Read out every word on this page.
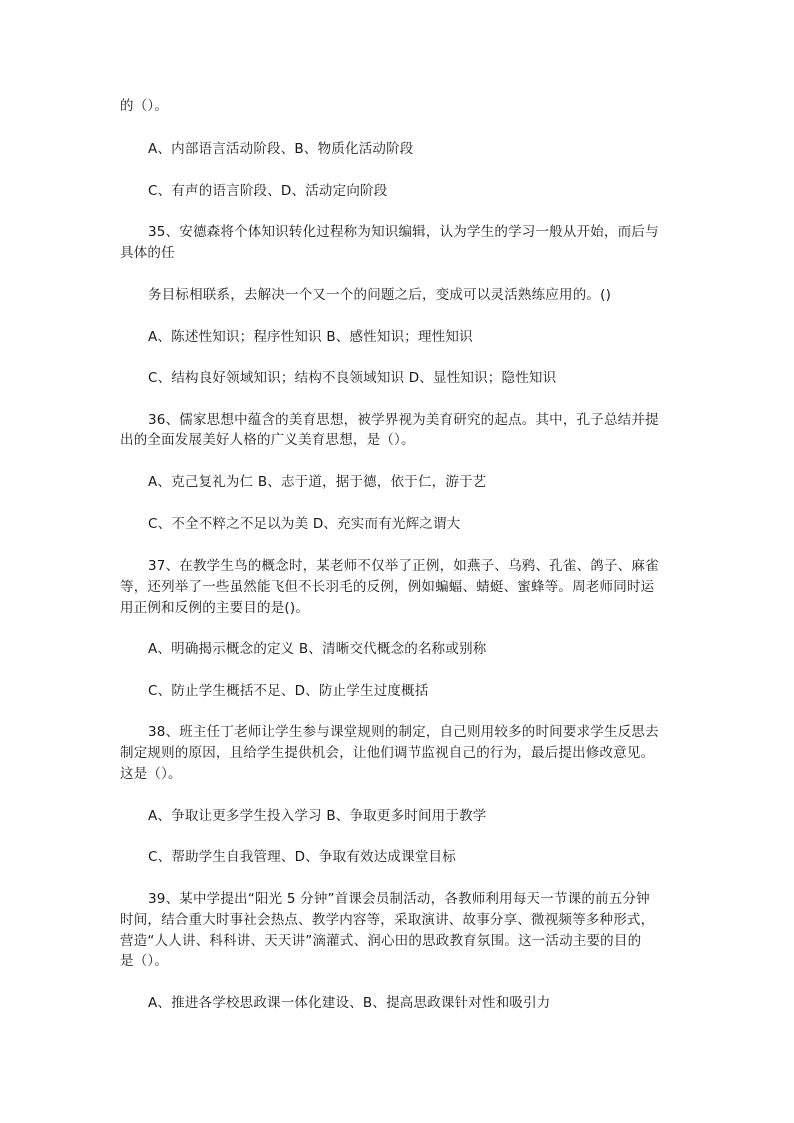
的（）。

A、内部语言活动阶段、B、物质化活动阶段

C、有声的语言阶段、D、活动定向阶段

35、安德森将个体知识转化过程称为知识编辑，认为学生的学习一般从开始，而后与

具体的任

务目标相联系，去解决一个又一个的问题之后，变成可以灵活熟练应用的。()

A、陈述性知识；程序性知识 B、感性知识；理性知识

C、结构良好领域知识；结构不良领域知识 D、显性知识；隐性知识

36、儒家思想中蕴含的美育思想，被学界视为美育研究的起点。其中，孔子总结并提

出的全面发展美好人格的广义美育思想，是（）。

A、克己复礼为仁 B、志于道，据于德，依于仁，游于艺

C、不全不粹之不足以为美 D、充实而有光辉之谓大

37、在教学生鸟的概念时，某老师不仅举了正例，如燕子、乌鸦、孔雀、鸽子、麻雀

等，还列举了一些虽然能飞但不长羽毛的反例，例如蝙蝠、蜻蜓、蜜蜂等。周老师同时运

用正例和反例的主要目的是()。

A、明确揭示概念的定义 B、清晰交代概念的名称或别称

C、防止学生概括不足、D、防止学生过度概括

38、班主任丁老师让学生参与课堂规则的制定，自己则用较多的时间要求学生反思去

制定规则的原因，且给学生提供机会，让他们调节监视自己的行为，最后提出修改意见。

这是（）。

A、争取让更多学生投入学习 B、争取更多时间用于教学

C、帮助学生自我管理、D、争取有效达成课堂目标

39、某中学提出“阳光 5 分钟”首课会员制活动，各教师利用每天一节课的前五分钟

时间，结合重大时事社会热点、教学内容等，采取演讲、故事分享、微视频等多种形式，

营造“人人讲、科科讲、天天讲”滴灌式、润心田的思政教育氛围。这一活动主要的目的

是（）。

A、推进各学校思政课一体化建设、B、提高思政课针对性和吸引力
